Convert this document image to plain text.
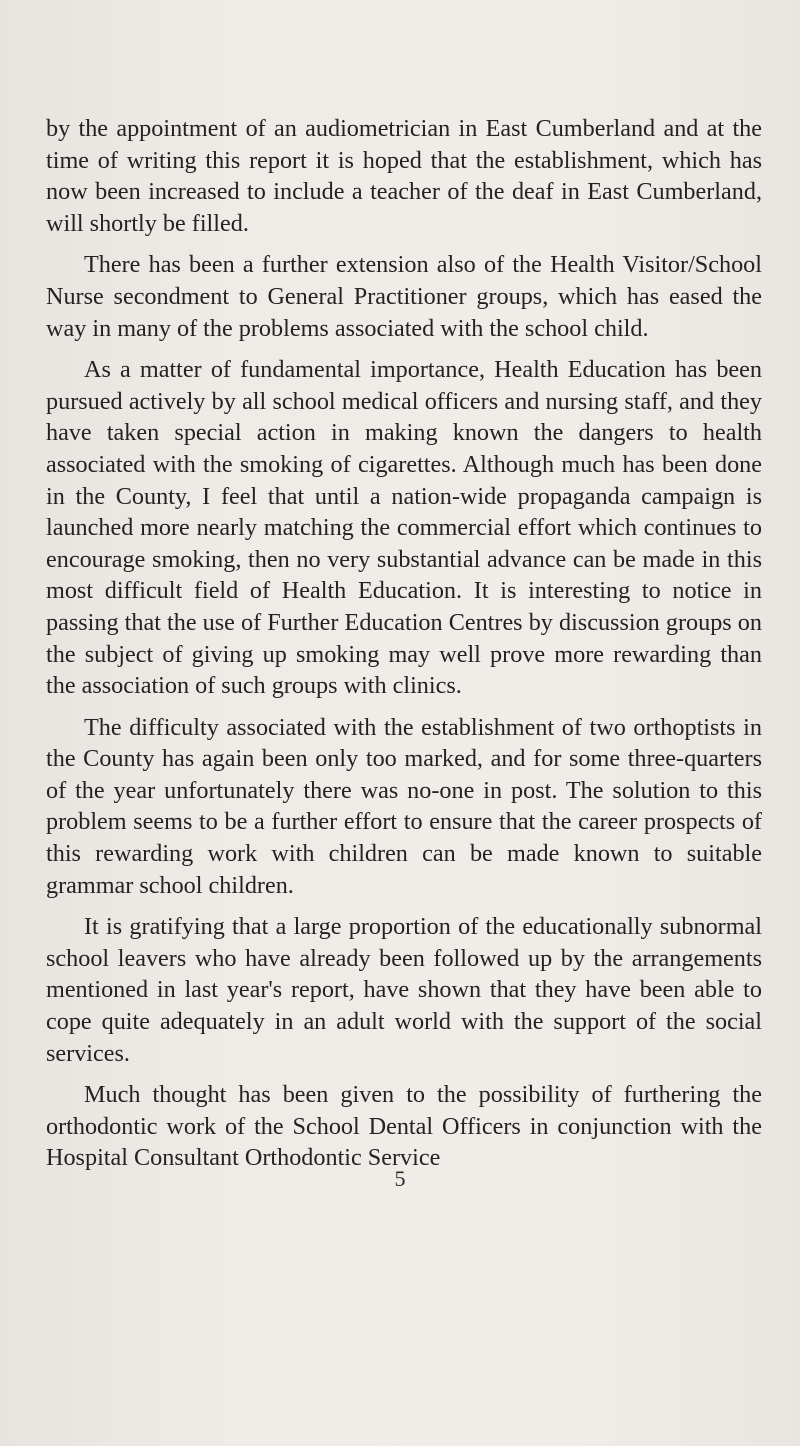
by the appointment of an audiometrician in East Cumberland and at the time of writing this report it is hoped that the establishment, which has now been increased to include a teacher of the deaf in East Cumberland, will shortly be filled.

There has been a further extension also of the Health Visitor/School Nurse secondment to General Practitioner groups, which has eased the way in many of the problems associated with the school child.

As a matter of fundamental importance, Health Education has been pursued actively by all school medical officers and nursing staff, and they have taken special action in making known the dangers to health associated with the smoking of cigarettes. Although much has been done in the County, I feel that until a nation-wide propaganda campaign is launched more nearly matching the commercial effort which continues to encourage smoking, then no very substantial advance can be made in this most difficult field of Health Education. It is interesting to notice in passing that the use of Further Education Centres by discussion groups on the subject of giving up smoking may well prove more rewarding than the association of such groups with clinics.

The difficulty associated with the establishment of two orthoptists in the County has again been only too marked, and for some three-quarters of the year unfortunately there was no-one in post. The solution to this problem seems to be a further effort to ensure that the career prospects of this rewarding work with children can be made known to suitable grammar school children.

It is gratifying that a large proportion of the educationally subnormal school leavers who have already been followed up by the arrangements mentioned in last year's report, have shown that they have been able to cope quite adequately in an adult world with the support of the social services.

Much thought has been given to the possibility of furthering the orthodontic work of the School Dental Officers in conjunction with the Hospital Consultant Orthodontic Service

5
